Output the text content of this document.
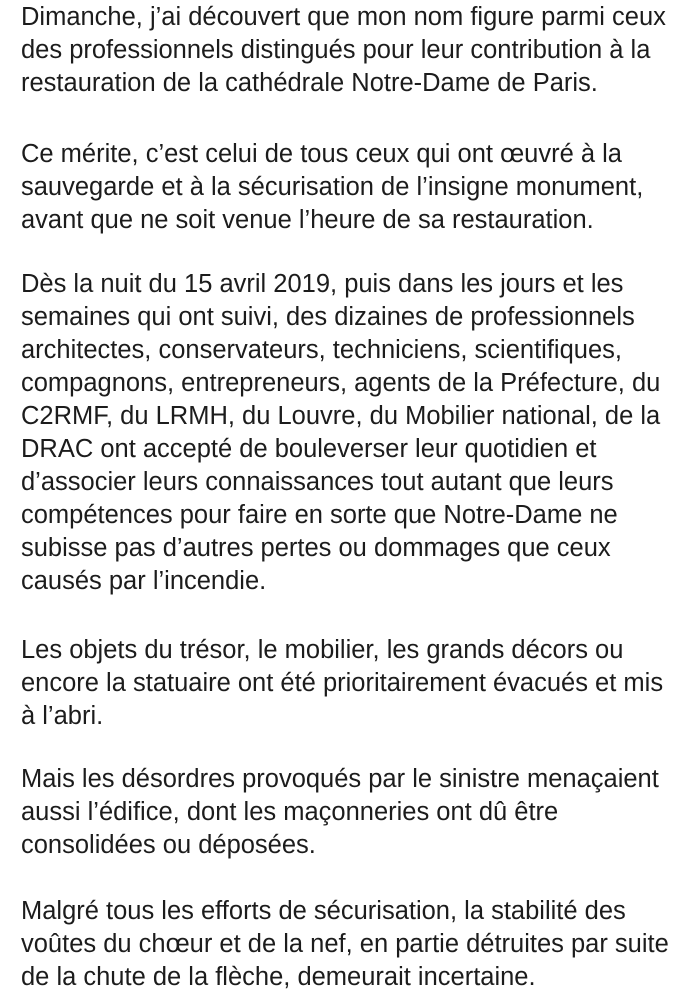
Dimanche, j’ai découvert que mon nom figure parmi ceux
des professionnels distingués pour leur contribution à la
restauration de la cathédrale Notre-Dame de Paris.

Ce mérite, c’est celui de tous ceux qui ont œuvré à la
sauvegarde et à la sécurisation de l’insigne monument,
avant que ne soit venue l’heure de sa restauration.

Dès la nuit du 15 avril 2019, puis dans les jours et les
semaines qui ont suivi, des dizaines de professionnels
architectes, conservateurs, techniciens, scientifiques,
compagnons, entrepreneurs, agents de la Préfecture, du
C2RMF, du LRMH, du Louvre, du Mobilier national, de la
DRAC ont accepté de bouleverser leur quotidien et
d’associer leurs connaissances tout autant que leurs
compétences pour faire en sorte que Notre-Dame ne
subisse pas d’autres pertes ou dommages que ceux
causés par l’incendie.

Les objets du trésor, le mobilier, les grands décors ou
encore la statuaire ont été prioritairement évacués et mis
à l’abri.

Mais les désordres provoqués par le sinistre menaçaient
aussi l’édifice, dont les maçonneries ont dû être
consolidées ou déposées.

Malgré tous les efforts de sécurisation, la stabilité des
voûtes du chœur et de la nef, en partie détruites par suite
de la chute de la flèche, demeurait incertaine.
